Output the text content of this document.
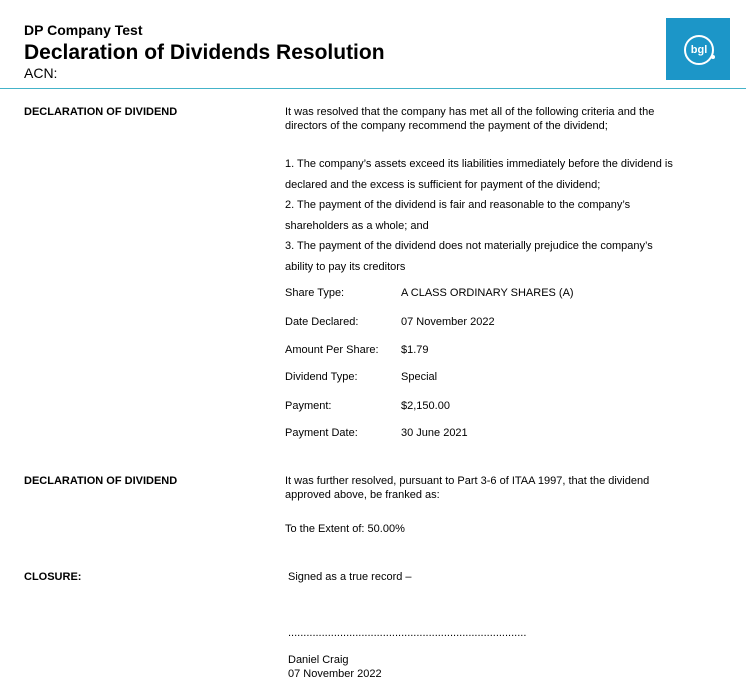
DP Company Test
Declaration of Dividends Resolution
ACN:
bgl
DECLARATION OF DIVIDEND	It was resolved that the company has met all of the following criteria and the
directors of the company recommend the payment of the dividend;
1. The company’s assets exceed its liabilities immediately before the dividend is
declared and the excess is sufficient for payment of the dividend;
2. The payment of the dividend is fair and reasonable to the company’s
shareholders as a whole; and
3. The payment of the dividend does not materially prejudice the company’s
ability to pay its creditors
Share Type:	A CLASS ORDINARY SHARES (A)
Date Declared:	07 November 2022
Amount Per Share: $1.79
Dividend Type:	Special
Payment:	$2,150.00
Payment Date:	30 June 2021
DECLARATION OF DIVIDEND	It was further resolved, pursuant to Part 3-6 of ITAA 1997, that the dividend
approved above, be franked as:
To the Extent of: 50.00%
CLOSURE:	Signed as a true record –
..............................................................................
Daniel Craig
07 November 2022
